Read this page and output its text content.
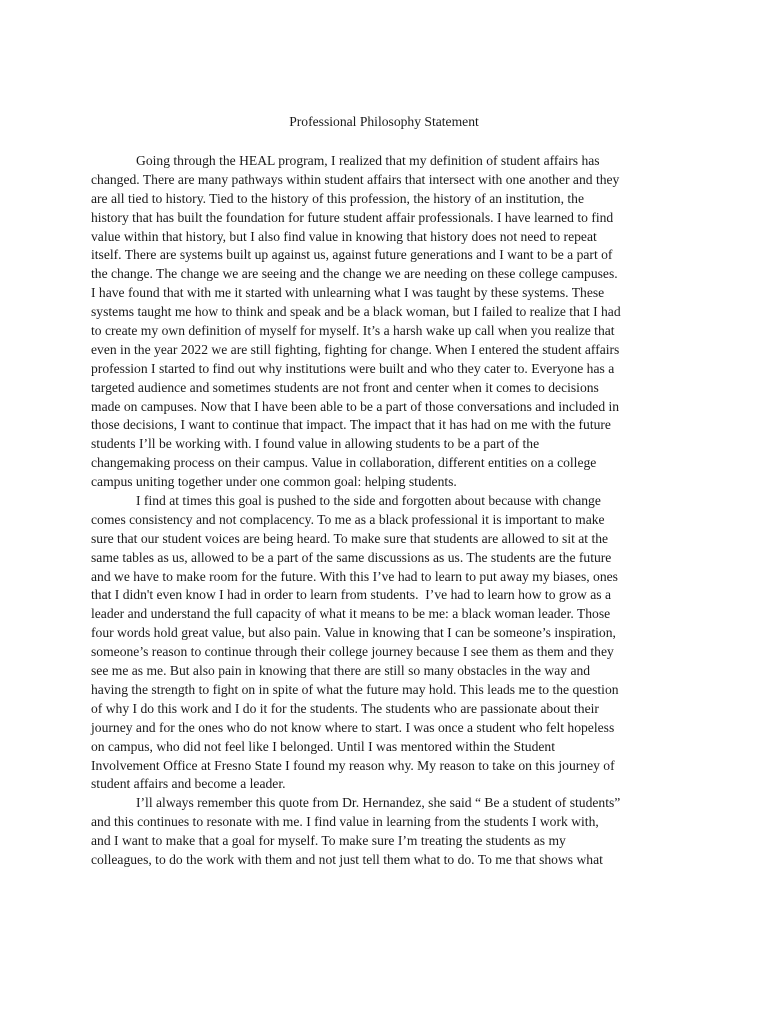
Professional Philosophy Statement
Going through the HEAL program, I realized that my definition of student affairs has
changed. There are many pathways within student affairs that intersect with one another and they
are all tied to history. Tied to the history of this profession, the history of an institution, the
history that has built the foundation for future student affair professionals. I have learned to find
value within that history, but I also find value in knowing that history does not need to repeat
itself. There are systems built up against us, against future generations and I want to be a part of
the change. The change we are seeing and the change we are needing on these college campuses.
I have found that with me it started with unlearning what I was taught by these systems. These
systems taught me how to think and speak and be a black woman, but I failed to realize that I had
to create my own definition of myself for myself. It’s a harsh wake up call when you realize that
even in the year 2022 we are still fighting, fighting for change. When I entered the student affairs
profession I started to find out why institutions were built and who they cater to. Everyone has a
targeted audience and sometimes students are not front and center when it comes to decisions
made on campuses. Now that I have been able to be a part of those conversations and included in
those decisions, I want to continue that impact. The impact that it has had on me with the future
students I’ll be working with. I found value in allowing students to be a part of the
changemaking process on their campus. Value in collaboration, different entities on a college
campus uniting together under one common goal: helping students.
I find at times this goal is pushed to the side and forgotten about because with change
comes consistency and not complacency. To me as a black professional it is important to make
sure that our student voices are being heard. To make sure that students are allowed to sit at the
same tables as us, allowed to be a part of the same discussions as us. The students are the future
and we have to make room for the future. With this I’ve had to learn to put away my biases, ones
that I didn't even know I had in order to learn from students.  I’ve had to learn how to grow as a
leader and understand the full capacity of what it means to be me: a black woman leader. Those
four words hold great value, but also pain. Value in knowing that I can be someone’s inspiration,
someone’s reason to continue through their college journey because I see them as them and they
see me as me. But also pain in knowing that there are still so many obstacles in the way and
having the strength to fight on in spite of what the future may hold. This leads me to the question
of why I do this work and I do it for the students. The students who are passionate about their
journey and for the ones who do not know where to start. I was once a student who felt hopeless
on campus, who did not feel like I belonged. Until I was mentored within the Student
Involvement Office at Fresno State I found my reason why. My reason to take on this journey of
student affairs and become a leader.
I’ll always remember this quote from Dr. Hernandez, she said “ Be a student of students”
and this continues to resonate with me. I find value in learning from the students I work with,
and I want to make that a goal for myself. To make sure I’m treating the students as my
colleagues, to do the work with them and not just tell them what to do. To me that shows what
